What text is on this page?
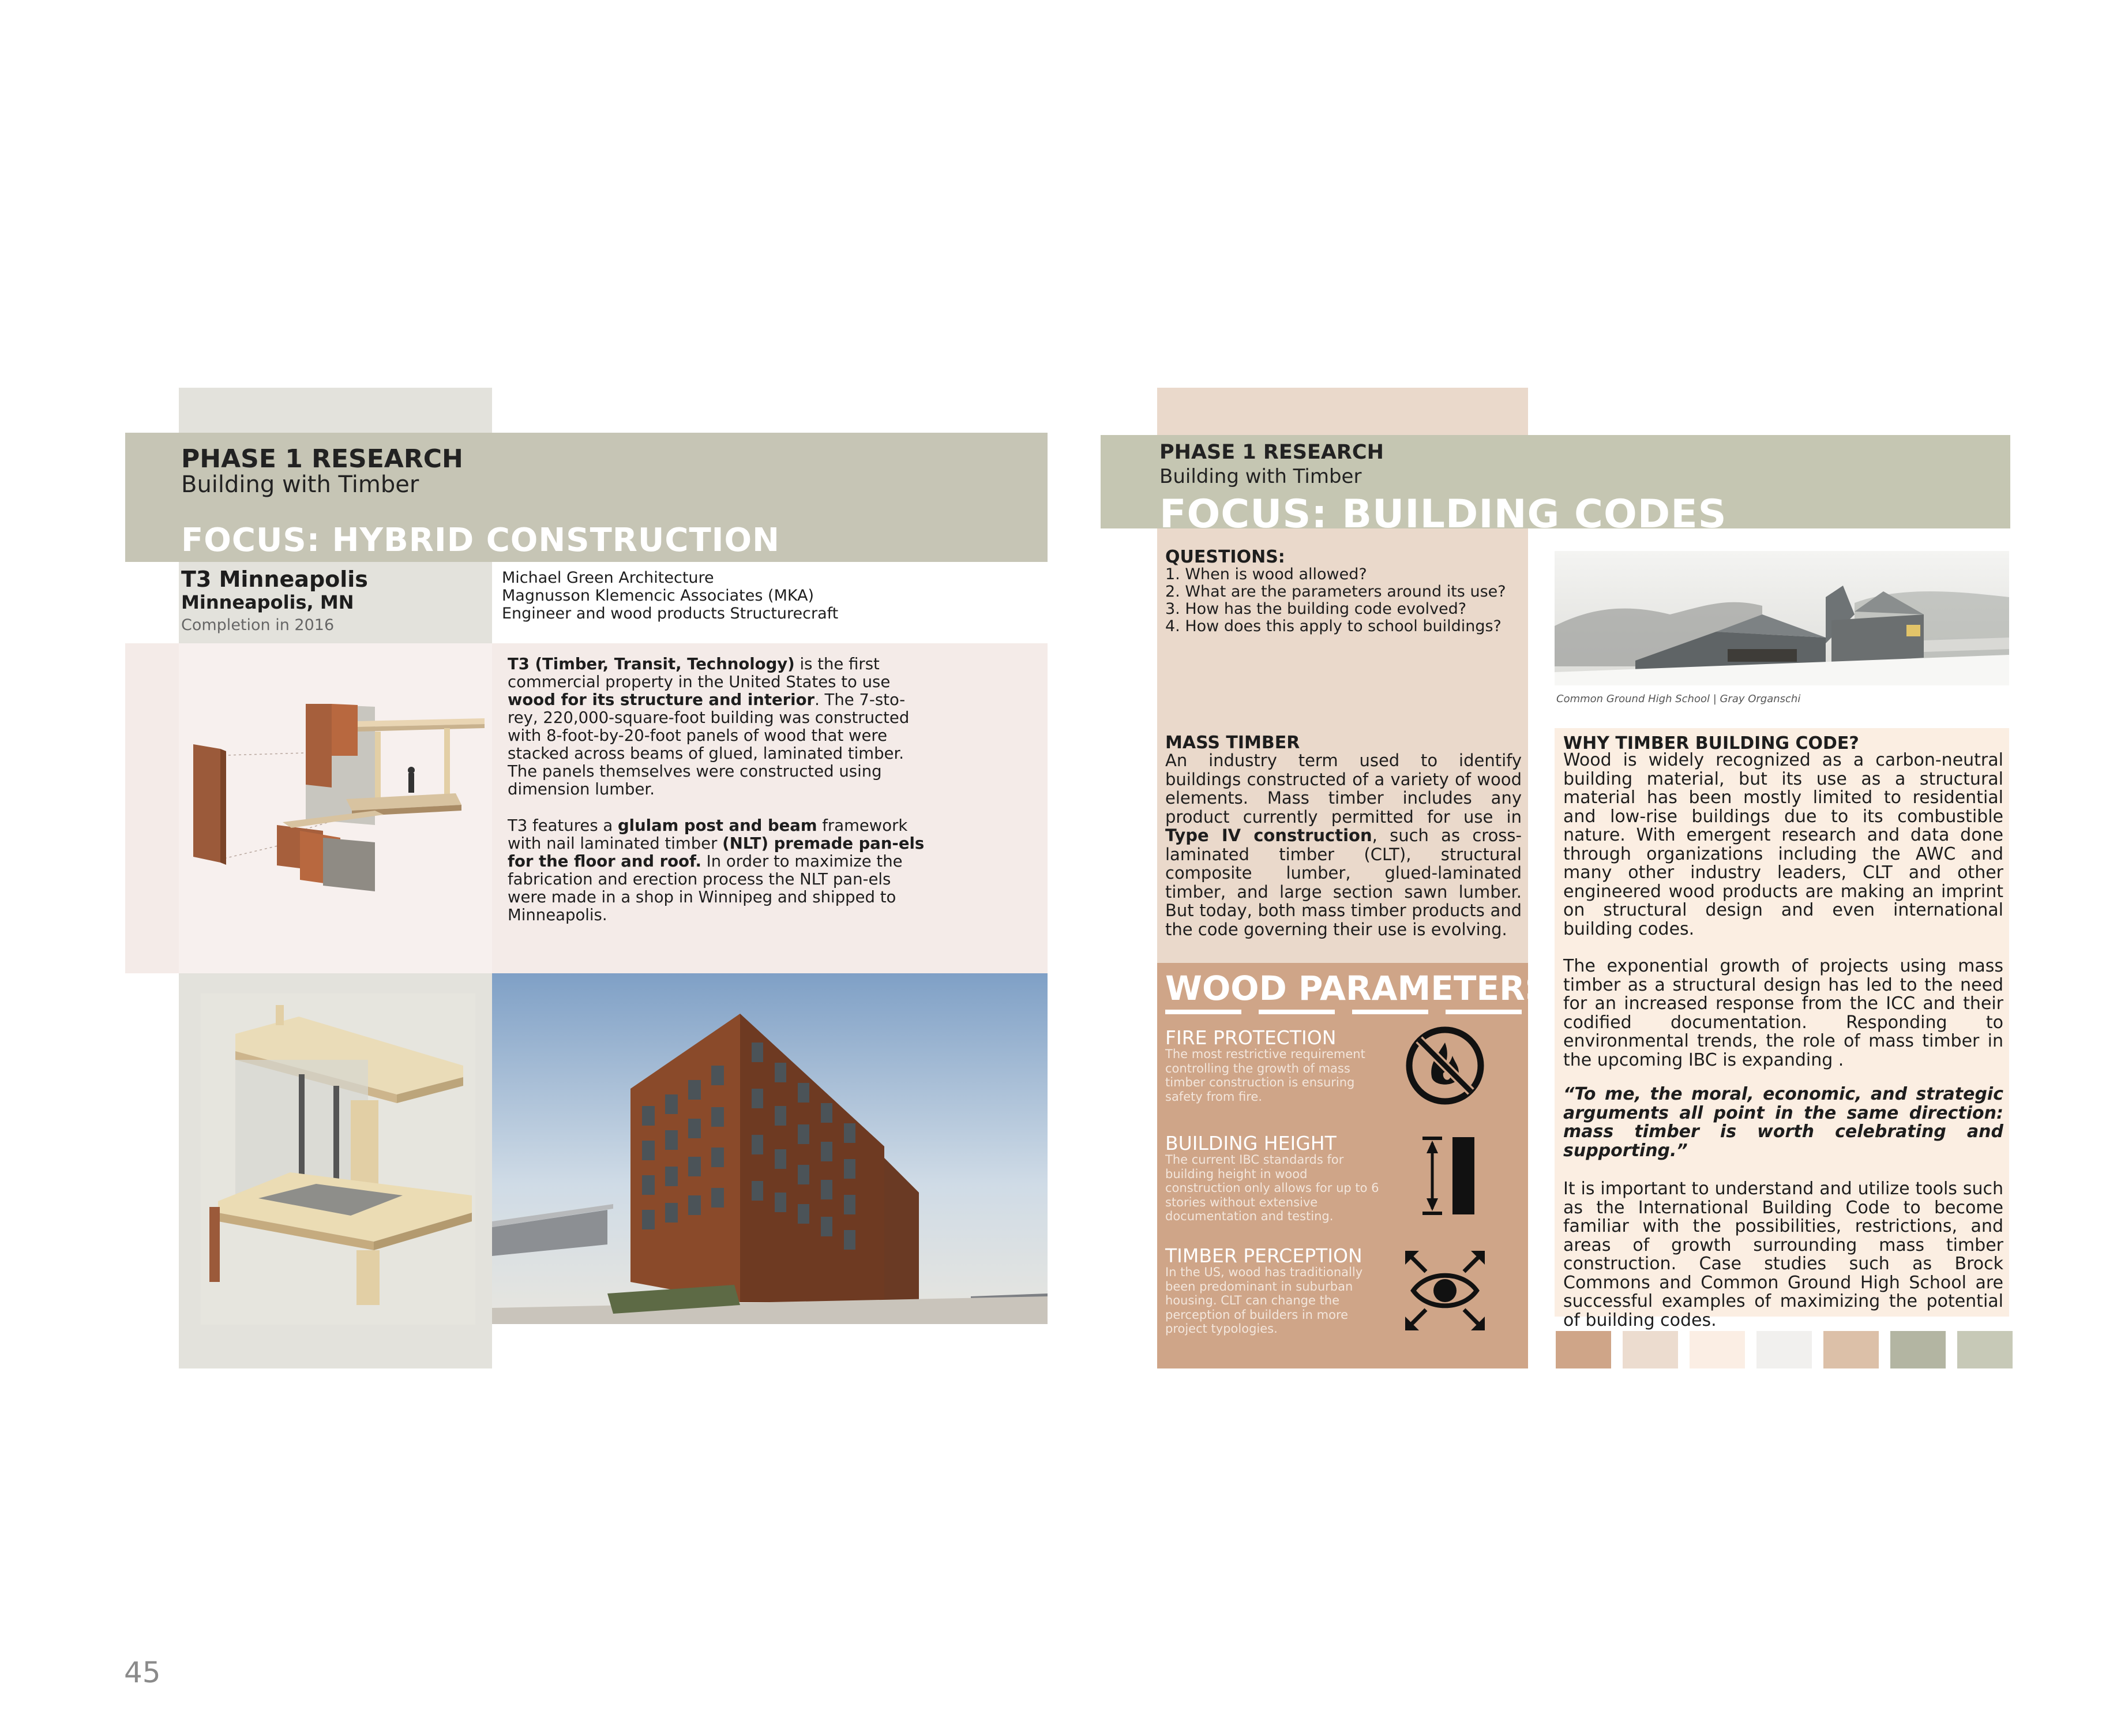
PHASE 1 RESEARCH
Building with Timber
FOCUS: HYBRID CONSTRUCTION
T3 Minneapolis
Minneapolis, MN
Completion in 2016
Michael Green Architecture
Magnusson Klemencic Associates (MKA)
Engineer and wood products Structurecraft

T3 (Timber, Transit, Technology) is the first commercial property in the United States to use wood for its structure and interior. The 7-sto-rey, 220,000-square-foot building was constructed with 8-foot-by-20-foot panels of wood that were stacked across beams of glued, laminated timber. The panels themselves were constructed using dimension lumber.

T3 features a glulam post and beam framework with nail laminated timber (NLT) premade pan-els for the floor and roof. In order to maximize the fabrication and erection process the NLT pan-els were made in a shop in Winnipeg and shipped to Minneapolis.

PHASE 1 RESEARCH
Building with Timber
FOCUS: BUILDING CODES
QUESTIONS:
1. When is wood allowed?
2. What are the parameters around its use?
3. How has the building code evolved?
4. How does this apply to school buildings?
MASS TIMBER
An industry term used to identify buildings constructed of a variety of wood elements. Mass timber includes any product currently permitted for use in Type IV construction, such as cross-laminated timber (CLT), structural composite lumber, glued-laminated timber, and large section sawn lumber. But today, both mass timber products and the code governing their use is evolving.
WOOD PARAMETERS
FIRE PROTECTION
The most restrictive requirement controlling the growth of mass timber construction is ensuring safety from fire.
BUILDING HEIGHT
The current IBC standards for building height in wood construction only allows for up to 6 stories without extensive documentation and testing.
TIMBER PERCEPTION
In the US, wood has traditionally been predominant in suburban housing. CLT can change the perception of builders in more project typologies.
Common Ground High School | Gray Organschi
WHY TIMBER BUILDING CODE?

Wood is widely recognized as a carbon-neutral building material, but its use as a structural material has been mostly limited to residential and low-rise buildings due to its combustible nature. With emergent research and data done through organizations including the AWC and many other industry leaders, CLT and other engineered wood products are making an imprint on structural design and even international building codes.

The exponential growth of projects using mass timber as a structural design has led to the need for an increased response from the ICC and their codified documentation. Responding to environmental trends, the role of mass timber in the upcoming IBC is expanding .

“To me, the moral, economic, and strategic arguments all point in the same direction: mass timber is worth celebrating and supporting.”
It is important to understand and utilize tools such as the International Building Code to become familiar with the possibilities, restrictions, and areas of growth surrounding mass timber construction. Case studies such as Brock Commons and Common Ground High School are successful examples of maximizing the potential of building codes.
45
